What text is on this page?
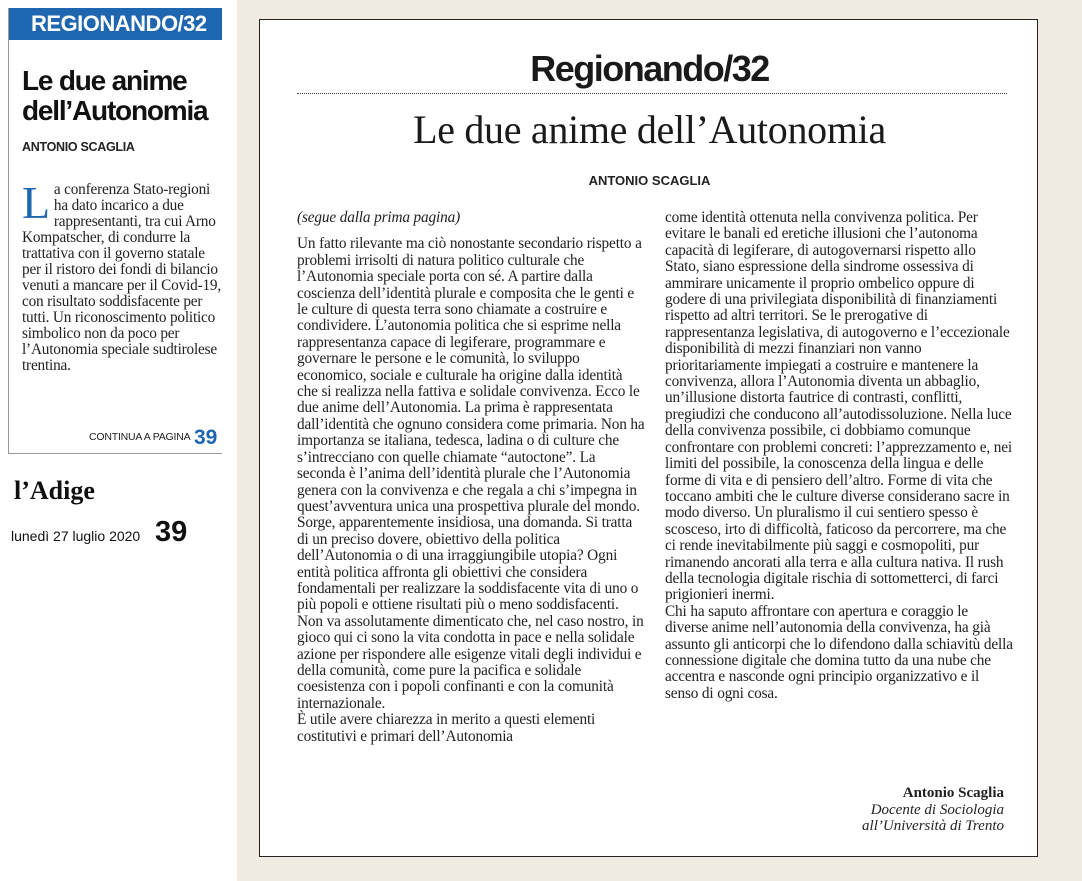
REGIONANDO/32
Le due anime dell’Autonomia
ANTONIO SCAGLIA
La conferenza Stato-regioni ha dato incarico a due rappresentanti, tra cui Arno Kompatscher, di condurre la trattativa con il governo statale per il ristoro dei fondi di bilancio venuti a mancare per il Covid-19, con risultato soddisfacente per tutti. Un riconoscimento politico simbolico non da poco per l’Autonomia speciale sudtirolese trentina.
CONTINUA A PAGINA 39
l’Adige
lunedì 27 luglio 2020 39
Regionando/32
Le due anime dell’Autonomia
ANTONIO SCAGLIA

(segue dalla prima pagina)

Un fatto rilevante ma ciò nonostante secondario rispetto a problemi irrisolti di natura politico culturale che l’Autonomia speciale porta con sé. A partire dalla coscienza dell’identità plurale e composita che le genti e le culture di questa terra sono chiamate a costruire e condividere. L’autonomia politica che si esprime nella rappresentanza capace di legiferare, programmare e governare le persone e le comunità, lo sviluppo economico, sociale e culturale ha origine dalla identità che si realizza nella fattiva e solidale convivenza. Ecco le due anime dell’Autonomia. La prima è rappresentata dall’identità che ognuno considera come primaria. Non ha importanza se italiana, tedesca, ladina o di culture che s’intrecciano con quelle chiamate “autoctone”. La seconda è l’anima dell’identità plurale che l’Autonomia genera con la convivenza e che regala a chi s’impegna in quest’avventura unica una prospettiva plurale del mondo. Sorge, apparentemente insidiosa, una domanda. Si tratta di un preciso dovere, obiettivo della politica dell’Autonomia o di una irraggiungibile utopia? Ogni entità politica affronta gli obiettivi che considera fondamentali per realizzare la soddisfacente vita di uno o più popoli e ottiene risultati più o meno soddisfacenti. Non va assolutamente dimenticato che, nel caso nostro, in gioco qui ci sono la vita condotta in pace e nella solidale azione per rispondere alle esigenze vitali degli individui e della comunità, come pure la pacifica e solidale coesistenza con i popoli confinanti e con la comunità internazionale.

È utile avere chiarezza in merito a questi elementi costitutivi e primari dell’Autonomia

come identità ottenuta nella convivenza politica. Per evitare le banali ed eretiche illusioni che l’autonoma capacità di legiferare, di autogovernarsi rispetto allo Stato, siano espressione della sindrome ossessiva di ammirare unicamente il proprio ombelico oppure di godere di una privilegiata disponibilità di finanziamenti rispetto ad altri territori. Se le prerogative di rappresentanza legislativa, di autogoverno e l’eccezionale disponibilità di mezzi finanziari non vanno prioritariamente impiegati a costruire e mantenere la convivenza, allora l’Autonomia diventa un abbaglio, un’illusione distorta fautrice di contrasti, conflitti, pregiudizi che conducono all’autodissoluzione. Nella luce della convivenza possibile, ci dobbiamo comunque confrontare con problemi concreti: l’apprezzamento e, nei limiti del possibile, la conoscenza della lingua e delle forme di vita e di pensiero dell’altro. Forme di vita che toccano ambiti che le culture diverse considerano sacre in modo diverso. Un pluralismo il cui sentiero spesso è scosceso, irto di difficoltà, faticoso da percorrere, ma che ci rende inevitabilmente più saggi e cosmopoliti, pur rimanendo ancorati alla terra e alla cultura nativa. Il rush della tecnologia digitale rischia di sottometterci, di farci prigionieri inermi.

Chi ha saputo affrontare con apertura e coraggio le diverse anime nell’autonomia della convivenza, ha già assunto gli anticorpi che lo difendono dalla schiavitù della connessione digitale che domina tutto da una nube che accentra e nasconde ogni principio organizzativo e il senso di ogni cosa.

Antonio Scaglia
Docente di Sociologia
all’Università di Trento
